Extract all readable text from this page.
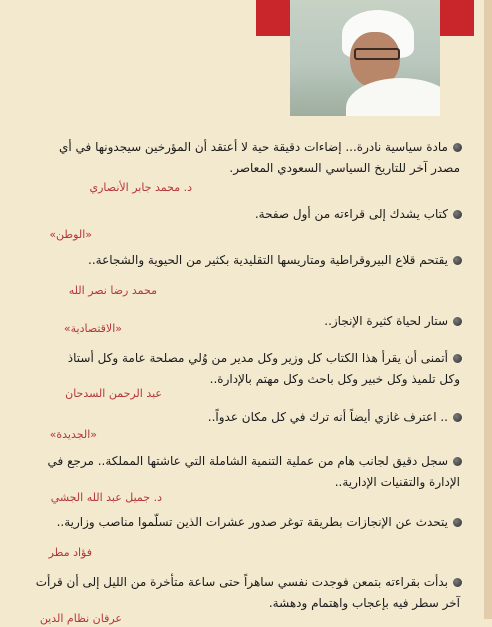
مادة سياسية نادرة... إضاءات دقيقة حية لا أعتقد أن المؤرخين سيجدونها في أي
مصدر آخر للتاريخ السياسي السعودي المعاصر.
د. محمد جابر الأنصاري
كتاب يشدك إلى قراءته من أول صفحة.
«الوطن»
يقتحم قلاع البيروقراطية ومتاريسها التقليدية بكثير من الحيوية والشجاعة..
محمد رضا نصر الله
ستار لحياة كثيرة الإنجاز..
«الاقتصادية»
أتمنى أن يقرأ هذا الكتاب كل وزير وكل مدير من وُلي مصلحة عامة وكل أستاذ
وكل تلميذ وكل خبير وكل باحث وكل مهتم بالإدارة..
عبد الرحمن السدحان
.. اعترف غازي أيضاً أنه ترك في كل مكان عدواً..
«الجديدة»
سجل دقيق لجانب هام من عملية التنمية الشاملة التي عاشتها المملكة.. مرجع في
الإدارة والتقنيات الإدارية..
د. جميل عبد الله الجشي
يتحدث عن الإنجازات بطريقة توغر صدور عشرات الذين تسلّموا مناصب وزارية..
فؤاد مطر
بدأت بقراءته بتمعن فوجدت نفسي ساهراً حتى ساعة متأخرة من الليل إلى أن قرأت
آخر سطر فيه بإعجاب واهتمام ودهشة.
عرفان نظام الدين
